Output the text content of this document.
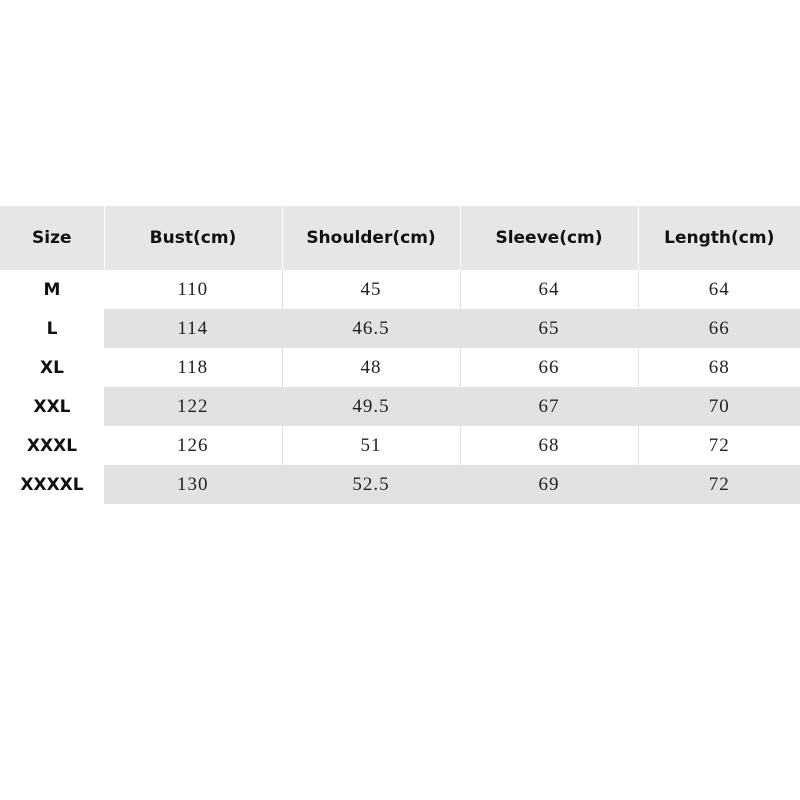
Size	Bust(cm)	Shoulder(cm)	Sleeve(cm)	Length(cm)
M	110	45	64	64
L	114	46.5	65	66
XL	118	48	66	68
XXL	122	49.5	67	70
XXXL	126	51	68	72
XXXXL	130	52.5	69	72
